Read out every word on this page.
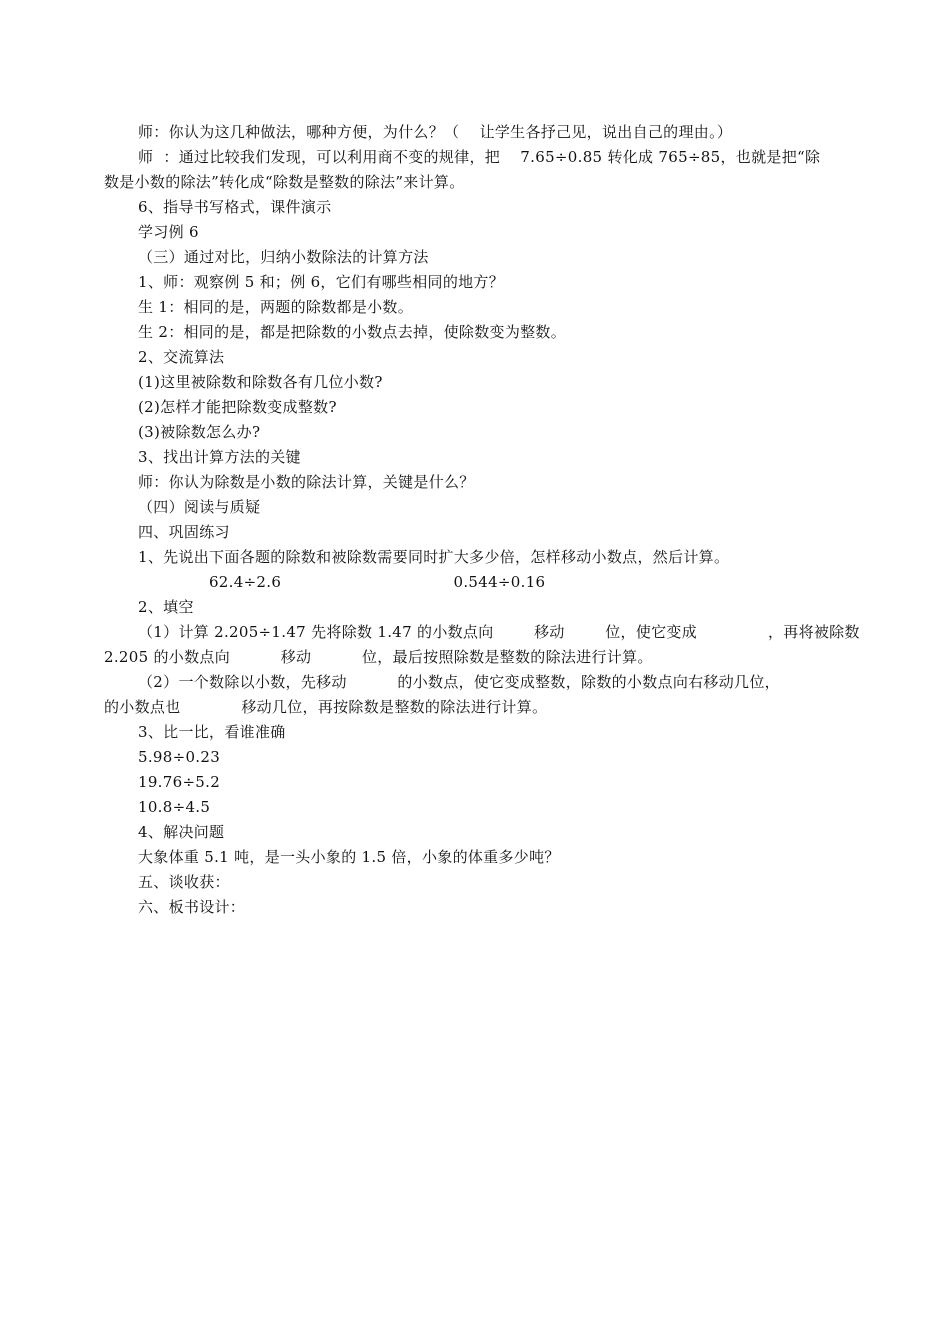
师：你认为这几种做法，哪种方便，为什么？（    让学生各抒己见，说出自己的理由。）
师  ：通过比较我们发现，可以利用商不变的规律，把    7.65÷0.85 转化成 765÷85，也就是把“除
数是小数的除法”转化成“除数是整数的除法”来计算。
6、指导书写格式，课件演示
学习例 6
（三）通过对比，归纳小数除法的计算方法
1、师：观察例 5 和；例 6，它们有哪些相同的地方？
生 1：相同的是，两题的除数都是小数。
生 2：相同的是，都是把除数的小数点去掉，使除数变为整数。
2、交流算法
(1)这里被除数和除数各有几位小数?
(2)怎样才能把除数变成整数?
(3)被除数怎么办?
3、找出计算方法的关键
师：你认为除数是小数的除法计算，关键是什么？
（四）阅读与质疑
四、巩固练习
1、先说出下面各题的除数和被除数需要同时扩大多少倍，怎样移动小数点，然后计算。
62.4÷2.6                                  0.544÷0.16
2、填空
（1）计算 2.205÷1.47 先将除数 1.47 的小数点向        移动        位，使它变成              ，再将被除数
2.205 的小数点向          移动          位，最后按照除数是整数的除法进行计算。
（2）一个数除以小数，先移动          的小数点，使它变成整数，除数的小数点向右移动几位，
的小数点也            移动几位，再按除数是整数的除法进行计算。
3、比一比，看谁准确
5.98÷0.23
19.76÷5.2
10.8÷4.5
4、解决问题
大象体重 5.1 吨，是一头小象的 1.5 倍，小象的体重多少吨？
五、谈收获：
六、板书设计：
